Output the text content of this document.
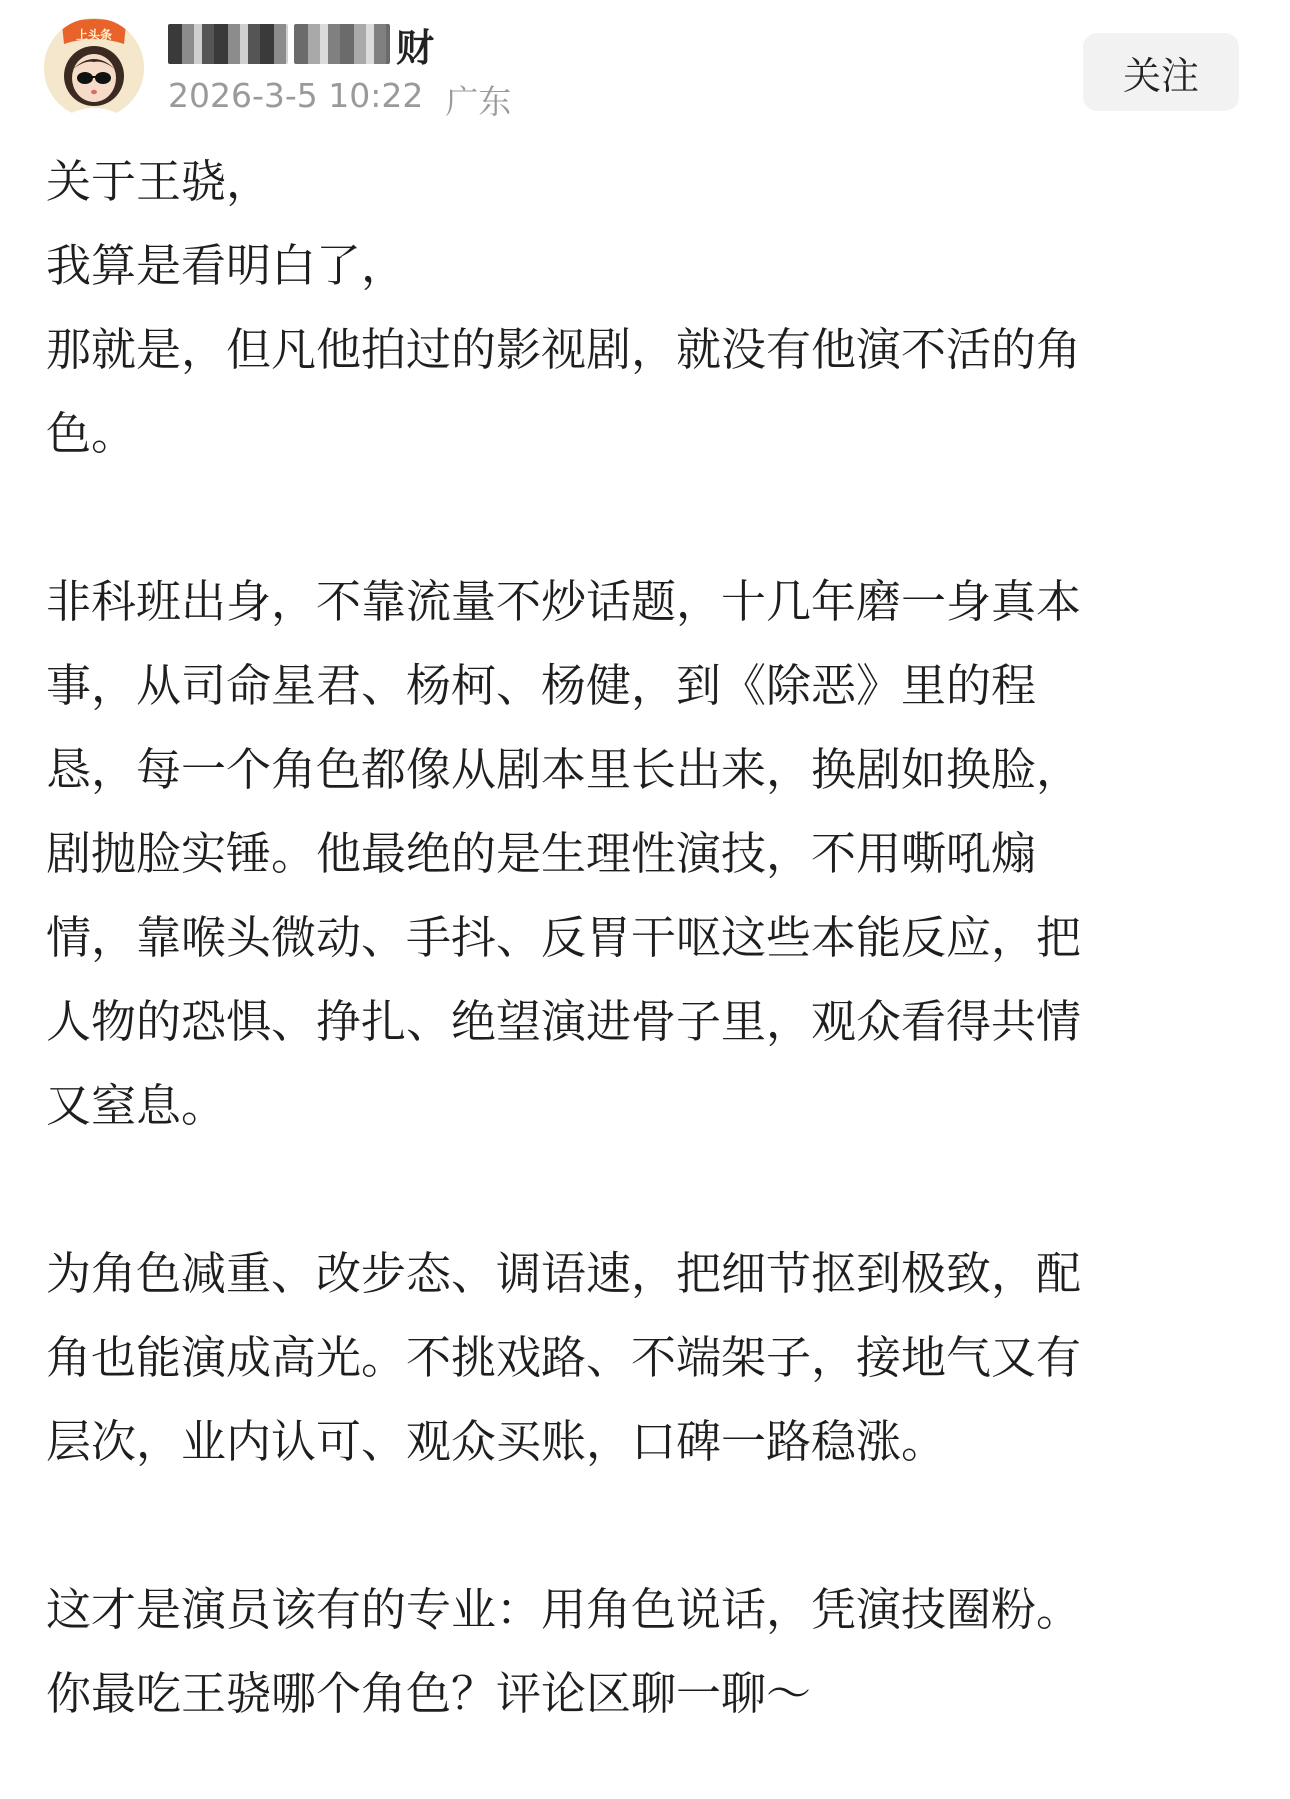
上头条	财
2026-3-5 10:22 广东
关注
关于王骁，
我算是看明白了，
那就是，但凡他拍过的影视剧，就没有他演不活的角
色。
非科班出身，不靠流量不炒话题，十几年磨一身真本
事，从司命星君、杨柯、杨健，到《除恶》里的程
恳，每一个角色都像从剧本里长出来，换剧如换脸，
剧抛脸实锤。他最绝的是生理性演技，不用嘶吼煽
情，靠喉头微动、手抖、反胃干呕这些本能反应，把
人物的恐惧、挣扎、绝望演进骨子里，观众看得共情
又窒息。
为角色减重、改步态、调语速，把细节抠到极致，配
角也能演成高光。不挑戏路、不端架子，接地气又有
层次，业内认可、观众买账，口碑一路稳涨。
这才是演员该有的专业：用角色说话，凭演技圈粉。
你最吃王骁哪个角色？评论区聊一聊～
